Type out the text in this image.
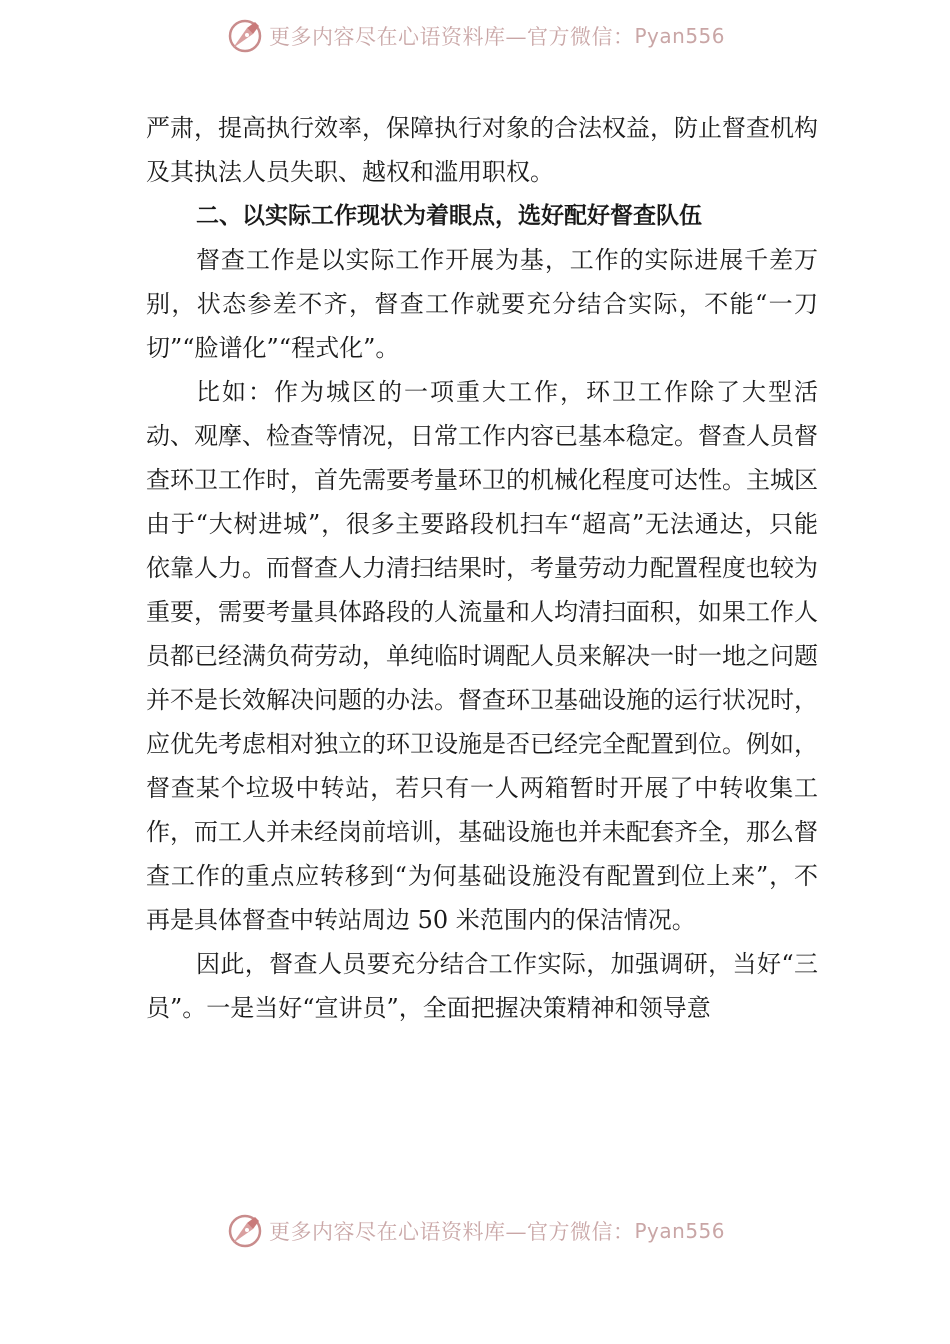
更多内容尽在心语资料库—官方微信： Pyan556

严肃，提高执行效率，保障执行对象的合法权益，防止督查机构及其执法人员失职、越权和滥用职权。

二、以实际工作现状为着眼点，选好配好督查队伍

督查工作是以实际工作开展为基，工作的实际进展千差万别，状态参差不齐，督查工作就要充分结合实际，不能“一刀切”“脸谱化”“程式化”。

比如：作为城区的一项重大工作，环卫工作除了大型活动、观摩、检查等情况，日常工作内容已基本稳定。督查人员督查环卫工作时，首先需要考量环卫的机械化程度可达性。主城区由于“大树进城”，很多主要路段机扫车“超高”无法通达，只能依靠人力。而督查人力清扫结果时，考量劳动力配置程度也较为重要，需要考量具体路段的人流量和人均清扫面积，如果工作人员都已经满负荷劳动，单纯临时调配人员来解决一时一地之问题并不是长效解决问题的办法。督查环卫基础设施的运行状况时，应优先考虑相对独立的环卫设施是否已经完全配置到位。例如，督查某个垃圾中转站，若只有一人两箱暂时开展了中转收集工作，而工人并未经岗前培训，基础设施也并未配套齐全，那么督查工作的重点应转移到“为何基础设施没有配置到位上来”，不再是具体督查中转站周边 50 米范围内的保洁情况。

因此，督查人员要充分结合工作实际，加强调研，当好“三员”。一是当好“宣讲员”，全面把握决策精神和领导意

更多内容尽在心语资料库—官方微信： Pyan556
